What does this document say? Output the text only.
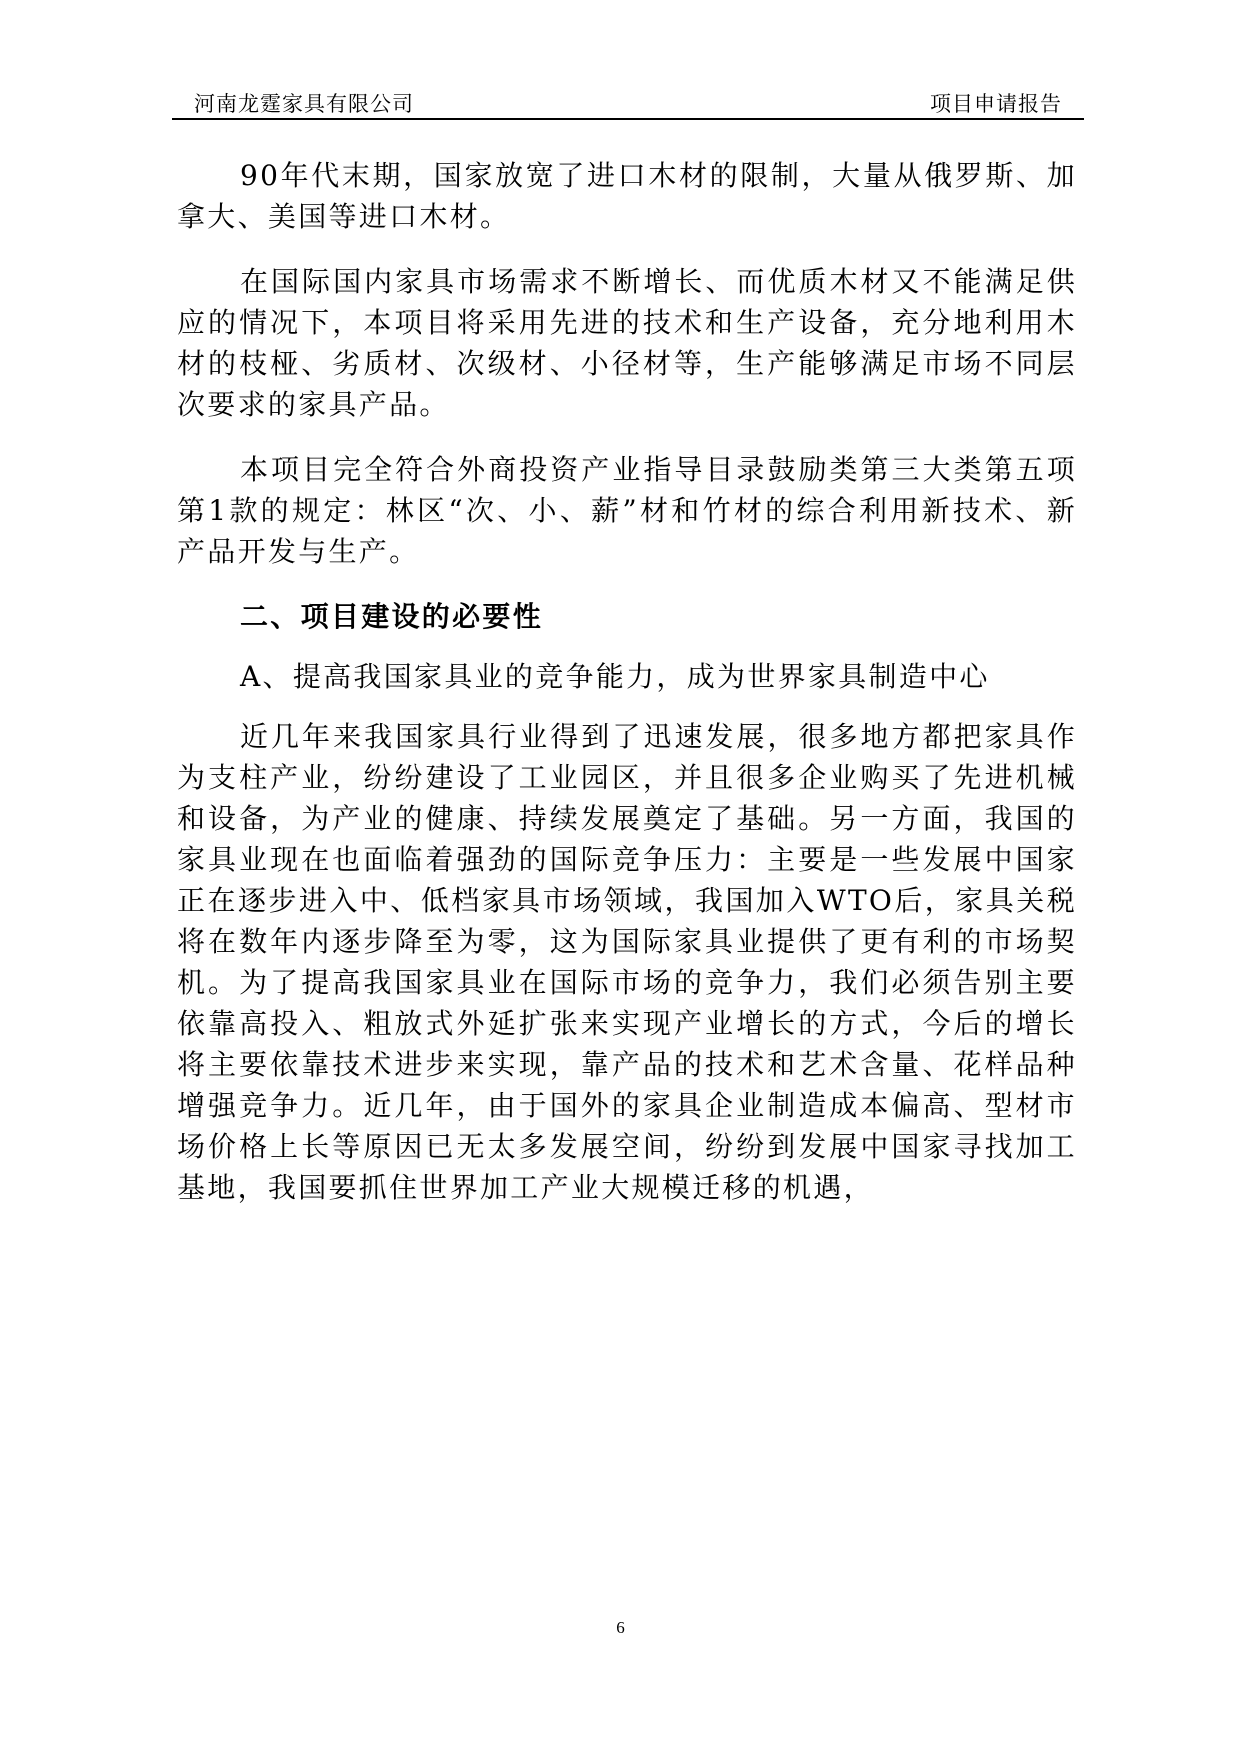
河南龙霆家具有限公司	项目申请报告

90年代末期，国家放宽了进口木材的限制，大量从俄罗斯、加拿大、美国等进口木材。

在国际国内家具市场需求不断增长、而优质木材又不能满足供应的情况下，本项目将采用先进的技术和生产设备，充分地利用木材的枝桠、劣质材、次级材、小径材等，生产能够满足市场不同层次要求的家具产品。

本项目完全符合外商投资产业指导目录鼓励类第三大类第五项第1款的规定：林区“次、小、薪”材和竹材的综合利用新技术、新产品开发与生产。

二、项目建设的必要性

A、提高我国家具业的竞争能力，成为世界家具制造中心

近几年来我国家具行业得到了迅速发展，很多地方都把家具作为支柱产业，纷纷建设了工业园区，并且很多企业购买了先进机械和设备，为产业的健康、持续发展奠定了基础。另一方面，我国的家具业现在也面临着强劲的国际竞争压力：主要是一些发展中国家正在逐步进入中、低档家具市场领域，我国加入WTO后，家具关税将在数年内逐步降至为零，这为国际家具业提供了更有利的市场契机。为了提高我国家具业在国际市场的竞争力，我们必须告别主要依靠高投入、粗放式外延扩张来实现产业增长的方式，今后的增长将主要依靠技术进步来实现，靠产品的技术和艺术含量、花样品种增强竞争力。近几年，由于国外的家具企业制造成本偏高、型材市场价格上长等原因已无太多发展空间，纷纷到发展中国家寻找加工基地，我国要抓住世界加工产业大规模迁移的机遇，

6
